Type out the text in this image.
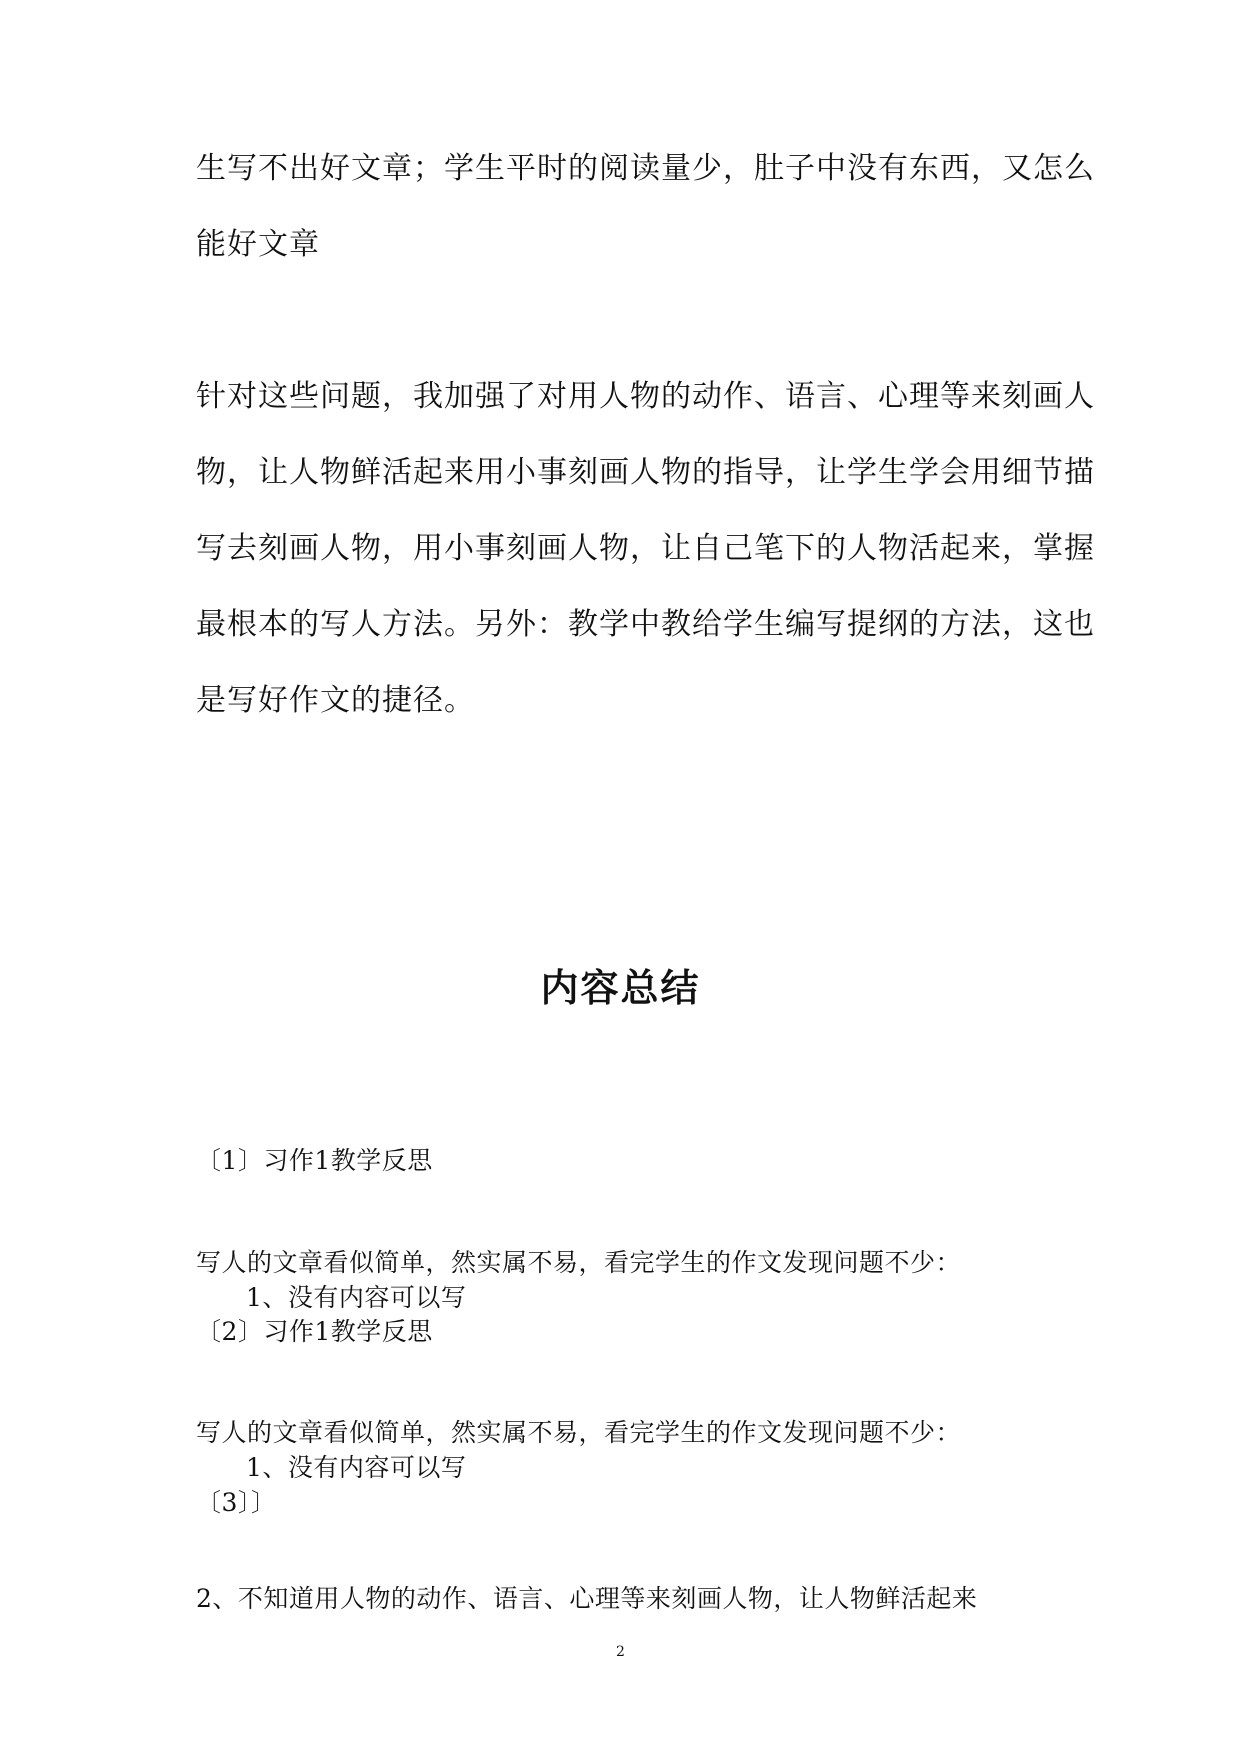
生写不出好文章；学生平时的阅读量少，肚子中没有东西，又怎么
能好文章
针对这些问题，我加强了对用人物的动作、语言、心理等来刻画人
物，让人物鲜活起来用小事刻画人物的指导，让学生学会用细节描
写去刻画人物，用小事刻画人物，让自己笔下的人物活起来，掌握
最根本的写人方法。另外：教学中教给学生编写提纲的方法，这也
是写好作文的捷径。
内容总结
〔1〕习作1教学反思
写人的文章看似简单，然实属不易，看完学生的作文发现问题不少：
1、没有内容可以写
〔2〕习作1教学反思
写人的文章看似简单，然实属不易，看完学生的作文发现问题不少：
1、没有内容可以写
〔3〕〕
2、不知道用人物的动作、语言、心理等来刻画人物，让人物鲜活起来
2
